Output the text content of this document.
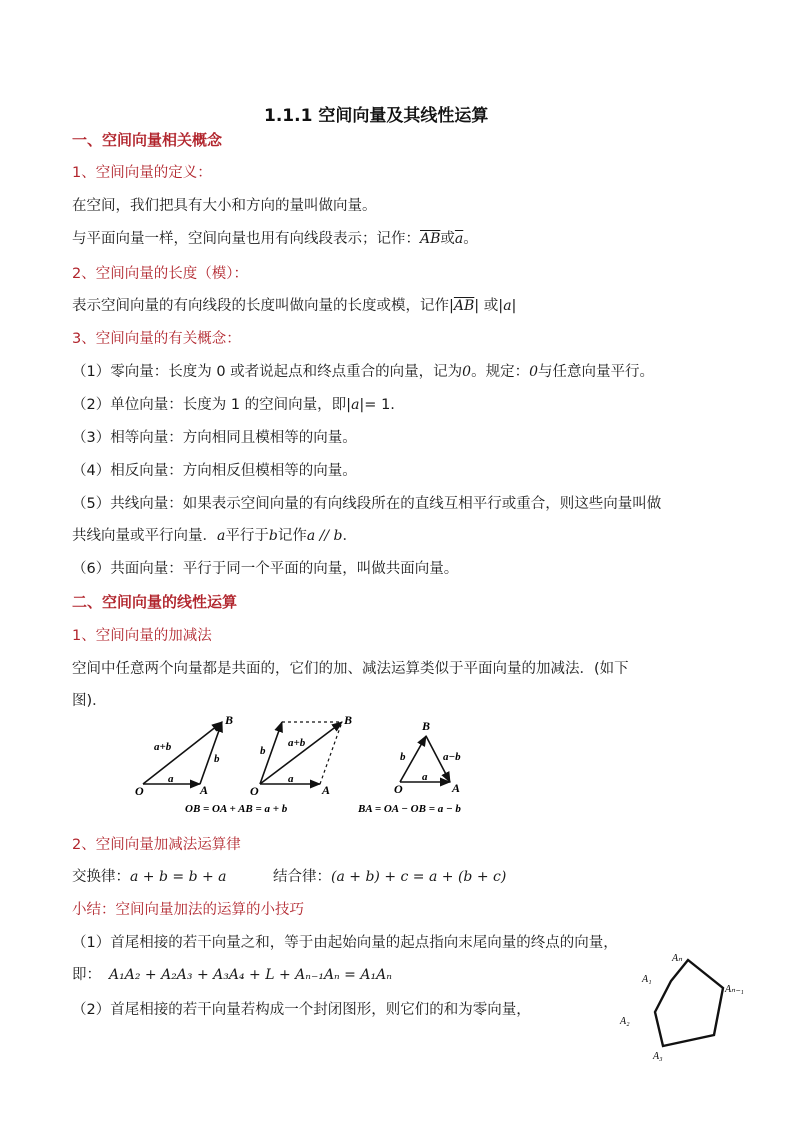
1.1.1 空间向量及其线性运算
一、空间向量相关概念
1、空间向量的定义：
在空间，我们把具有大小和方向的量叫做向量。
与平面向量一样，空间向量也用有向线段表示；记作：$\overline{AB}$或$\overline{a}$。
2、空间向量的长度（模）：
表示空间向量的有向线段的长度叫做向量的长度或模，记作$|\overline{AB}|$ 或|a|
3、空间向量的有关概念：
（1）零向量：长度为 0 或者说起点和终点重合的向量，记为0。规定：0与任意向量平行。
（2）单位向量：长度为 1 的空间向量，即|a|= 1.
（3）相等向量：方向相同且模相等的向量。
（4）相反向量：方向相反但模相等的向量。
（5）共线向量：如果表示空间向量的有向线段所在的直线互相平行或重合，则这些向量叫做
共线向量或平行向量．a平行于b记作a // b．
（6）共面向量：平行于同一个平面的向量，叫做共面向量。
二、空间向量的线性运算
1、空间向量的加减法
空间中任意两个向量都是共面的，它们的加、减法运算类似于平面向量的加减法．(如下
图)．
O	A
B
a
b
a+b
O	A
B
a
b
a+b
O	A
B
a
b	a−b
OB = OA + AB = a + b	BA = OA − OB = a − b
2、空间向量加减法运算律
交换律：a + b = b + a	结合律：(a + b) + c = a + (b + c)
小结：空间向量加法的运算的小技巧
（1）首尾相接的若干向量之和，等于由起始向量的起点指向末尾向量的终点的向量，
即： A₁A₂ + A₂A₃ + A₃A₄ + L + Aₙ₋₁Aₙ = A₁Aₙ
（2）首尾相接的若干向量若构成一个封闭图形，则它们的和为零向量，
Aₙ
Aₙ₋₁
A₁
A₂
A₃
